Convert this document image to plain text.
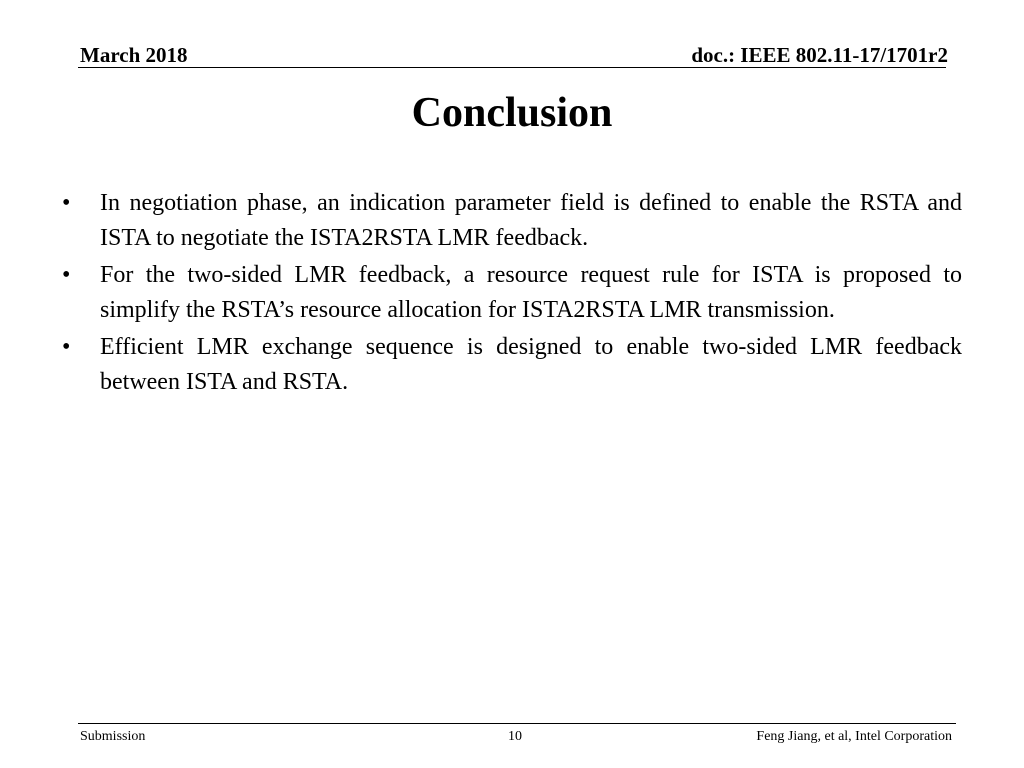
March 2018	doc.: IEEE 802.11-17/1701r2
Conclusion
• In negotiation phase, an indication parameter field is defined to enable the RSTA and ISTA to negotiate the ISTA2RSTA LMR feedback.
• For the two-sided LMR feedback, a resource request rule for ISTA is proposed to simplify the RSTA’s resource allocation for ISTA2RSTA LMR transmission.
• Efficient LMR exchange sequence is designed to enable two-sided LMR feedback between ISTA and RSTA.
Submission	10	Feng Jiang, et al, Intel Corporation
